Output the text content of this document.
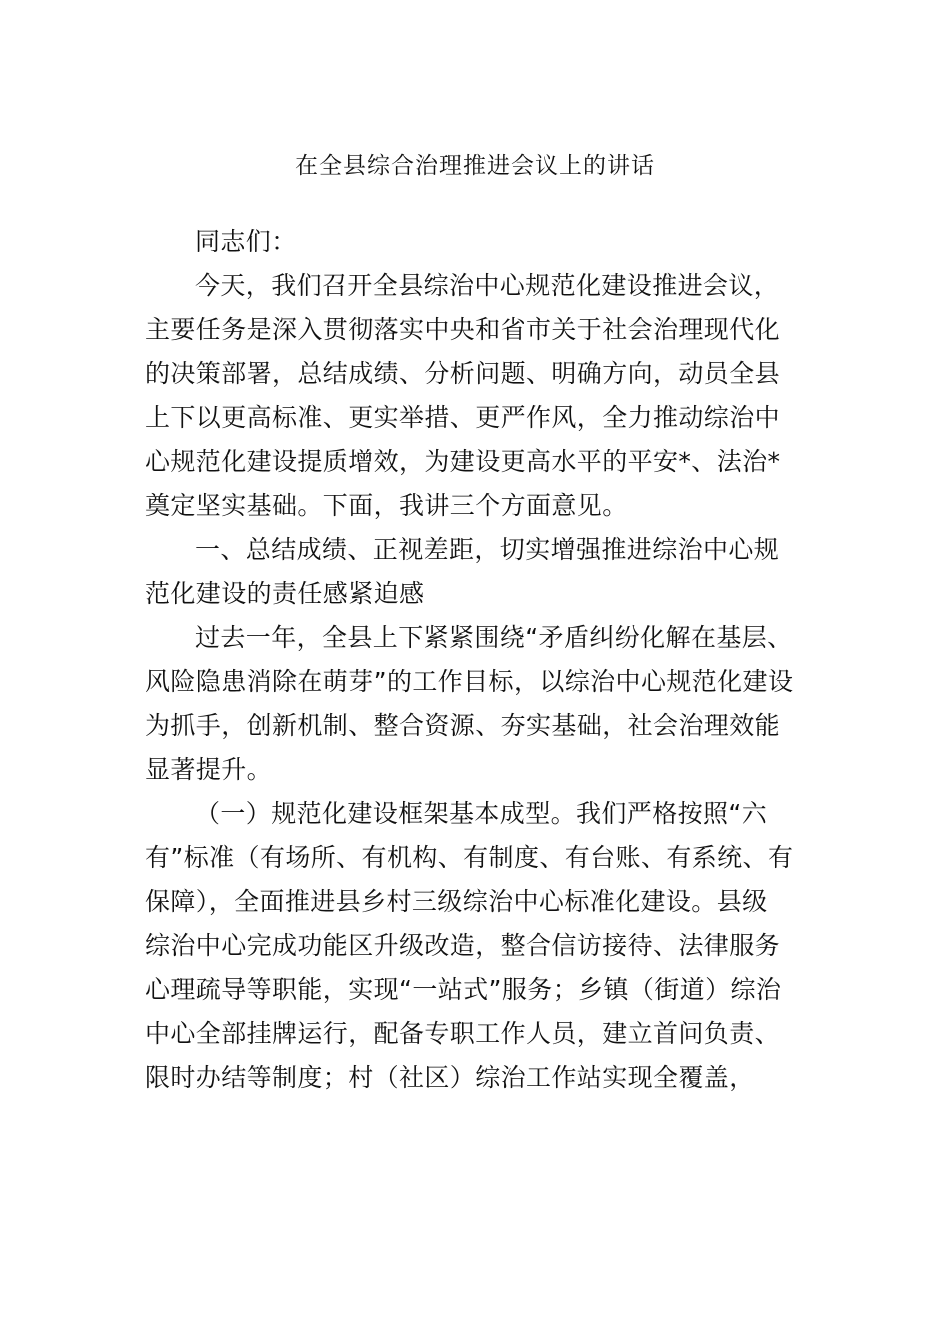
在全县综合治理推进会议上的讲话
同志们：
今天，我们召开全县综治中心规范化建设推进会议，
主要任务是深入贯彻落实中央和省市关于社会治理现代化
的决策部署，总结成绩、分析问题、明确方向，动员全县
上下以更高标准、更实举措、更严作风，全力推动综治中
心规范化建设提质增效，为建设更高水平的平安*、法治*
奠定坚实基础。下面，我讲三个方面意见。
一、总结成绩、正视差距，切实增强推进综治中心规
范化建设的责任感紧迫感
过去一年，全县上下紧紧围绕“矛盾纠纷化解在基层、
风险隐患消除在萌芽”的工作目标，以综治中心规范化建设
为抓手，创新机制、整合资源、夯实基础，社会治理效能
显著提升。
（一）规范化建设框架基本成型。我们严格按照“六
有”标准（有场所、有机构、有制度、有台账、有系统、有
保障），全面推进县乡村三级综治中心标准化建设。县级
综治中心完成功能区升级改造，整合信访接待、法律服务
心理疏导等职能，实现“一站式”服务；乡镇（街道）综治
中心全部挂牌运行，配备专职工作人员，建立首问负责、
限时办结等制度；村（社区）综治工作站实现全覆盖，
